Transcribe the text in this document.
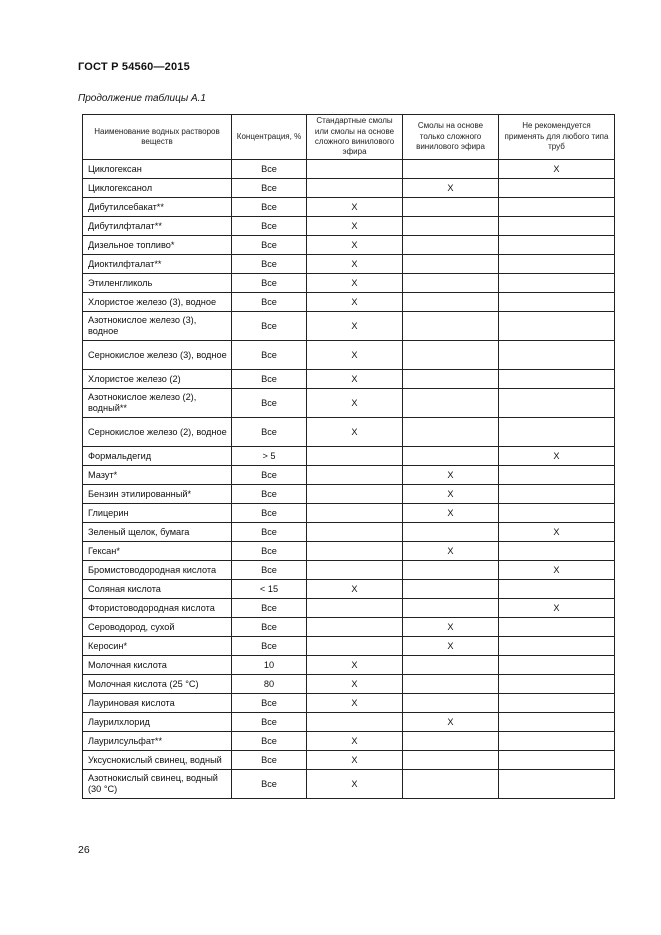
ГОСТ Р 54560—2015
Продолжение таблицы А.1
Наименование водных растворов веществ	Концентрация, %	Стандартные смолы или смолы на основе сложного винилового эфира	Смолы на основе только сложного винилового эфира	Не рекомендуется применять для любого типа труб
Циклогексан	Все			X
Циклогексанол	Все		X	
Дибутилсебакат**	Все	X		
Дибутилфталат**	Все	X		
Дизельное топливо*	Все	X		
Диоктилфталат**	Все	X		
Этиленгликоль	Все	X		
Хлористое железо (3), водное	Все	X		
Азотнокислое железо (3), водное	Все	X		
Сернокислое железо (3), водное	Все	X		
Хлористое железо (2)	Все	X		
Азотнокислое железо (2), водный**	Все	X		
Сернокислое железо (2), водное	Все	X		
Формальдегид	> 5			X
Мазут*	Все		X	
Бензин этилированный*	Все		X	
Глицерин	Все		X	
Зеленый щелок, бумага	Все			X
Гексан*	Все		X	
Бромистоводородная кислота	Все			X
Соляная кислота	< 15	X		
Фтористоводородная кислота	Все			X
Сероводород, сухой	Все		X	
Керосин*	Все		X	
Молочная кислота	10	X		
Молочная кислота (25 °C)	80	X		
Лауриновая кислота	Все	X		
Лаурилхлорид	Все		X	
Лаурилсульфат**	Все	X		
Уксуснокислый свинец, водный	Все	X		
Азотнокислый свинец, водный (30 °C)	Все	X		
26
